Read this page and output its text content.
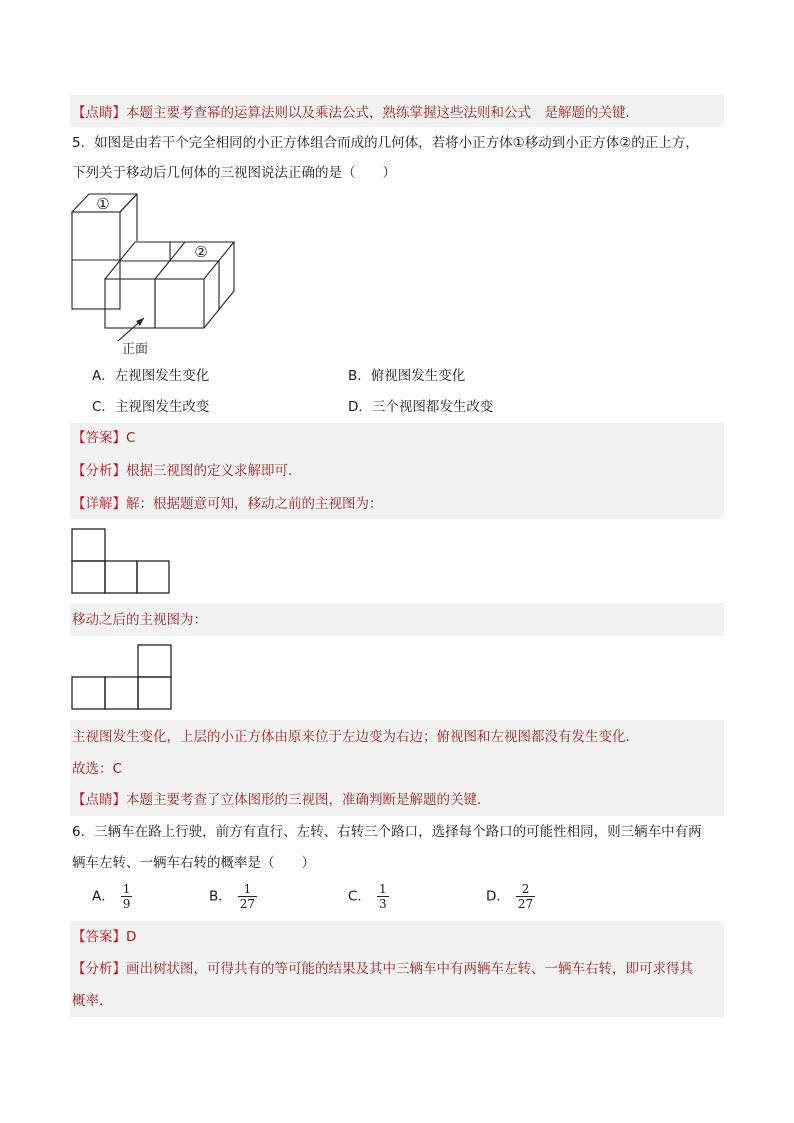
【点睛】本题主要考查幂的运算法则以及乘法公式，熟练掌握这些法则和公式　是解题的关键．
5．如图是由若干个完全相同的小正方体组合而成的几何体，若将小正方体①移动到小正方体②的正上方，
下列关于移动后几何体的三视图说法正确的是（　　）
①
②
正面
A．左视图发生变化	B．俯视图发生变化
C．主视图发生改变	D．三个视图都发生改变
【答案】C
【分析】根据三视图的定义求解即可．
【详解】解：根据题意可知，移动之前的主视图为：
移动之后的主视图为：
主视图发生变化，上层的小正方体由原来位于左边变为右边；俯视图和左视图都没有发生变化．
故选：C
【点睛】本题主要考查了立体图形的三视图，准确判断是解题的关键．
6．三辆车在路上行驶，前方有直行、左转、右转三个路口，选择每个路口的可能性相同，则三辆车中有两
辆车左转、一辆车右转的概率是（　　）
A． $\frac{1}{9}$	B． $\frac{1}{27}$	C． $\frac{1}{3}$	D． $\frac{2}{27}$
【答案】D
【分析】画出树状图，可得共有的等可能的结果及其中三辆车中有两辆车左转、一辆车右转，即可求得其
概率．
